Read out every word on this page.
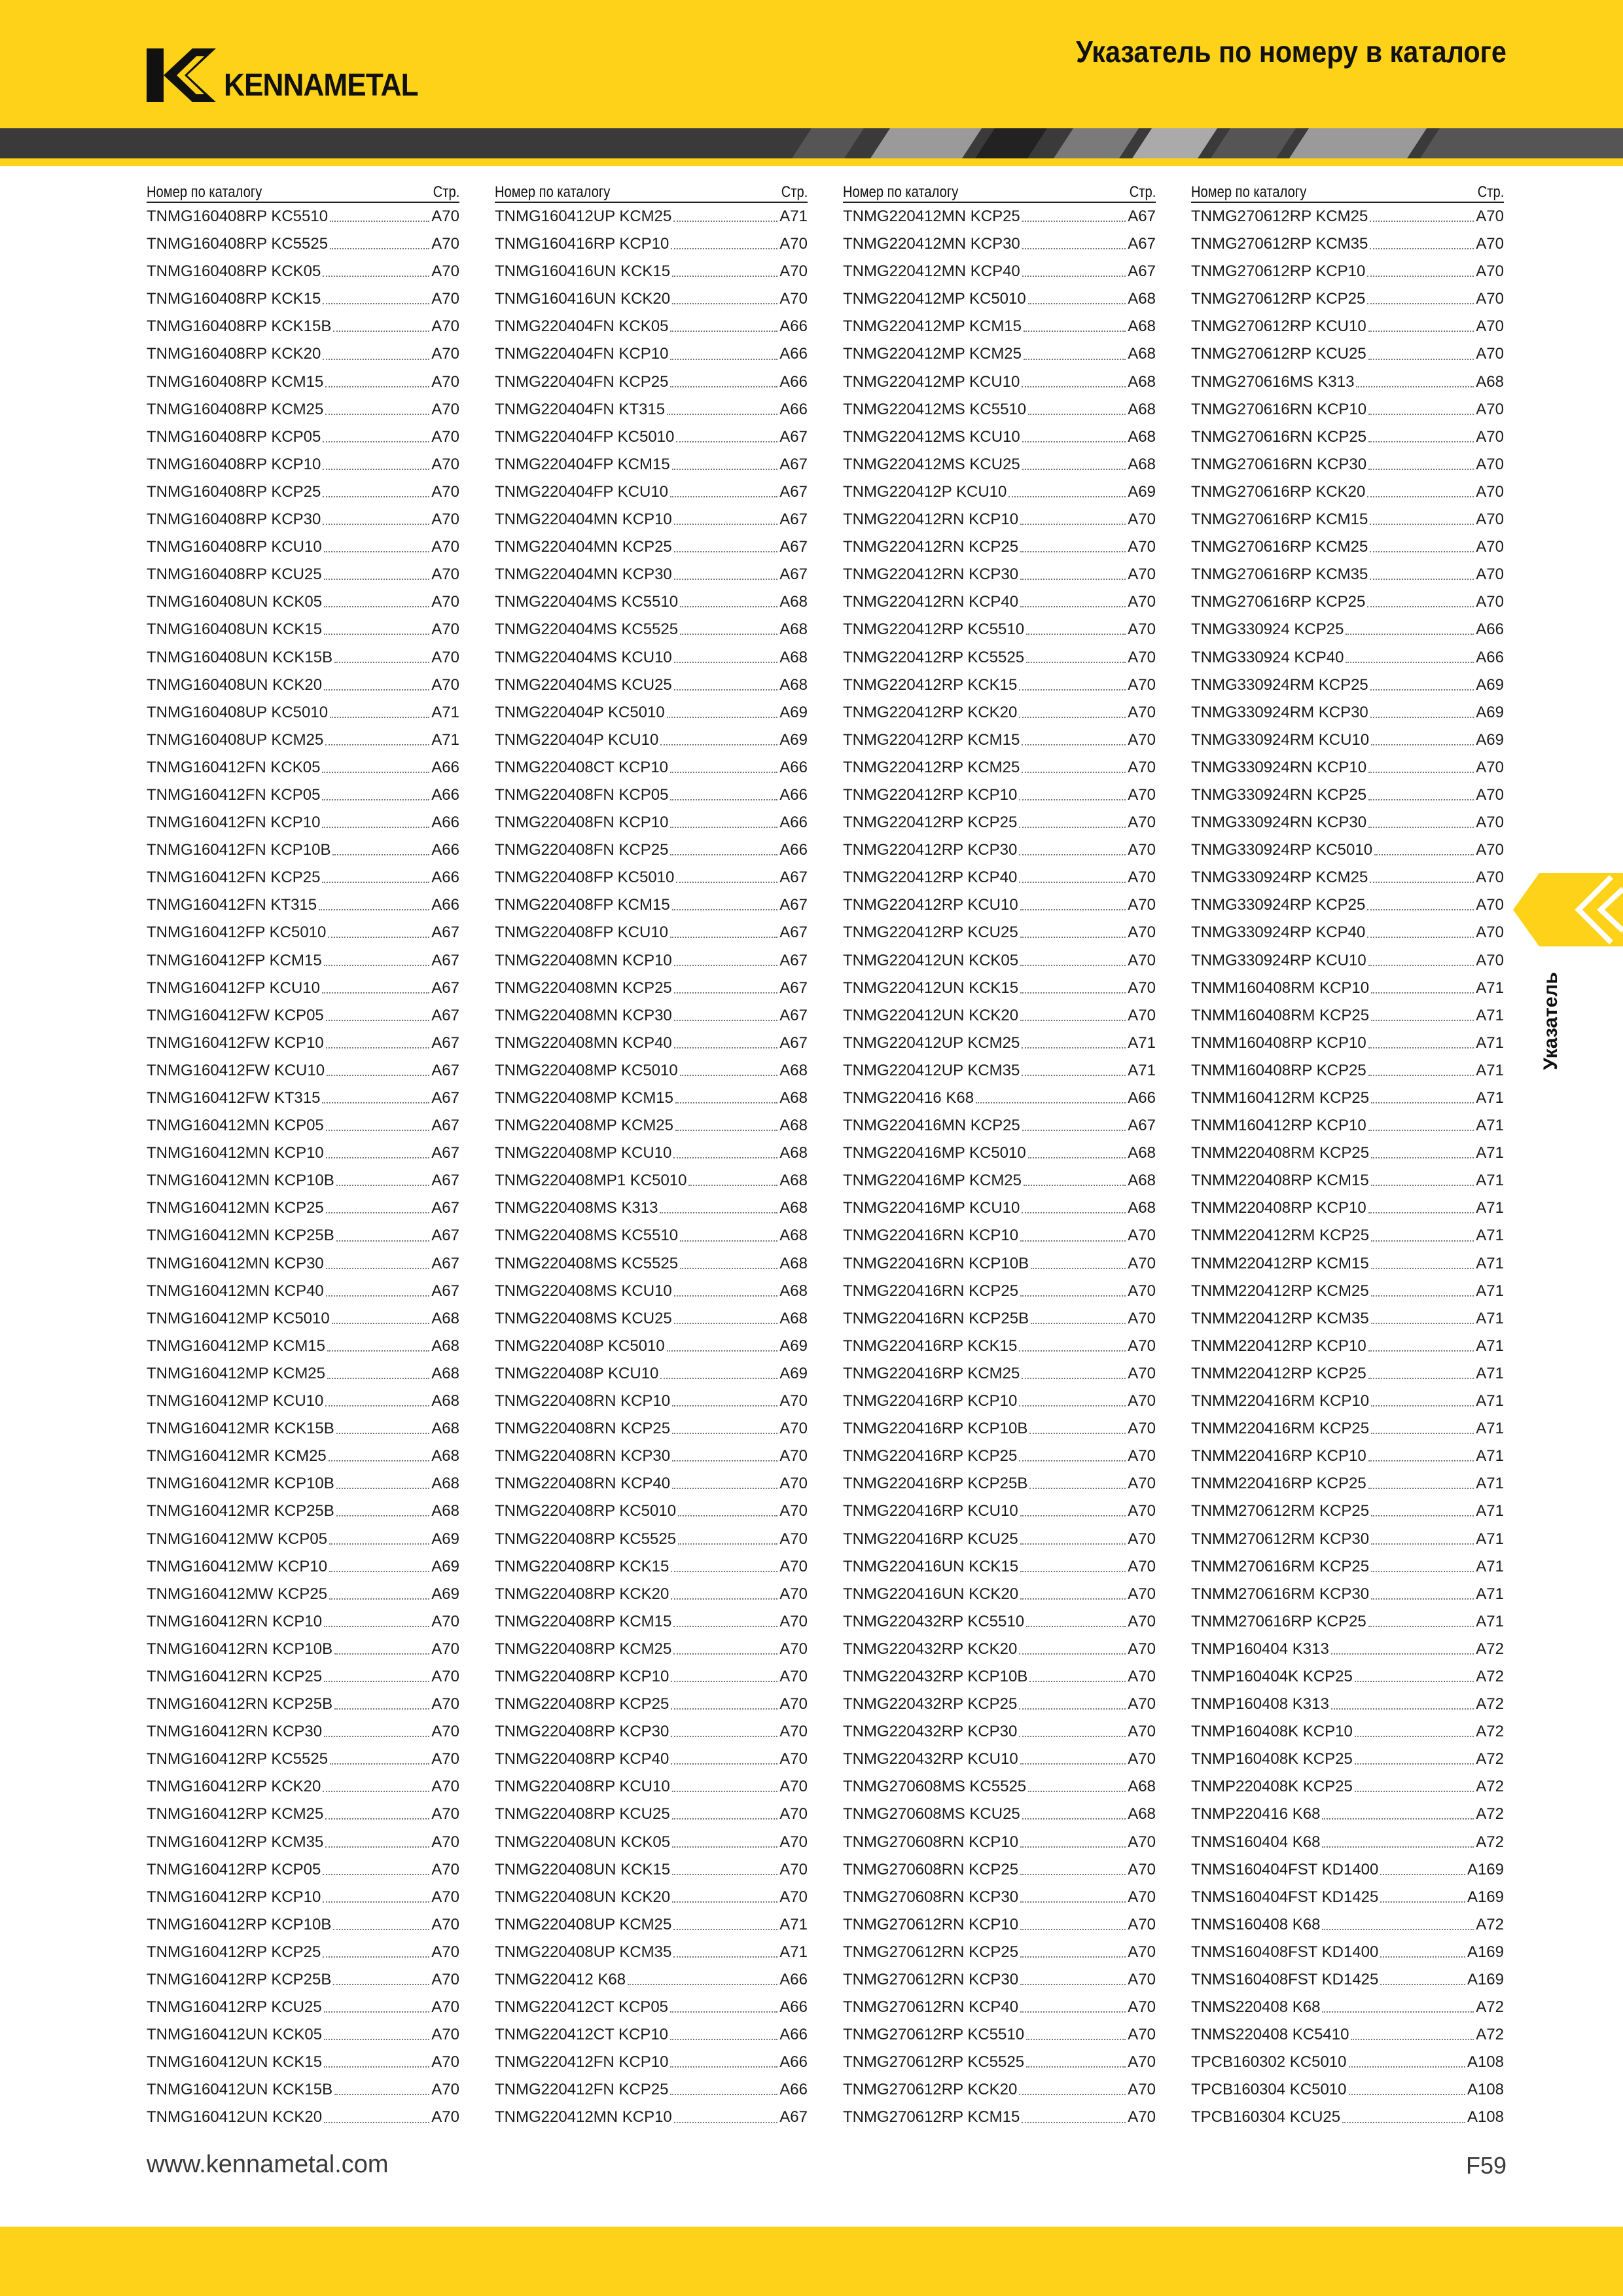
KENNAMETAL
Указатель по номеру в каталоге
Номер по каталогу	Стр.
TNMG160408RP KC5510	A70
TNMG160408RP KC5525	A70
TNMG160408RP KCK05	A70
TNMG160408RP KCK15	A70
TNMG160408RP KCK15B	A70
TNMG160408RP KCK20	A70
TNMG160408RP KCM15	A70
TNMG160408RP KCM25	A70
TNMG160408RP KCP05	A70
TNMG160408RP KCP10	A70
TNMG160408RP KCP25	A70
TNMG160408RP KCP30	A70
TNMG160408RP KCU10	A70
TNMG160408RP KCU25	A70
TNMG160408UN KCK05	A70
TNMG160408UN KCK15	A70
TNMG160408UN KCK15B	A70
TNMG160408UN KCK20	A70
TNMG160408UP KC5010	A71
TNMG160408UP KCM25	A71
TNMG160412FN KCK05	A66
TNMG160412FN KCP05	A66
TNMG160412FN KCP10	A66
TNMG160412FN KCP10B	A66
TNMG160412FN KCP25	A66
TNMG160412FN KT315	A66
TNMG160412FP KC5010	A67
TNMG160412FP KCM15	A67
TNMG160412FP KCU10	A67
TNMG160412FW KCP05	A67
TNMG160412FW KCP10	A67
TNMG160412FW KCU10	A67
TNMG160412FW KT315	A67
TNMG160412MN KCP05	A67
TNMG160412MN KCP10	A67
TNMG160412MN KCP10B	A67
TNMG160412MN KCP25	A67
TNMG160412MN KCP25B	A67
TNMG160412MN KCP30	A67
TNMG160412MN KCP40	A67
TNMG160412MP KC5010	A68
TNMG160412MP KCM15	A68
TNMG160412MP KCM25	A68
TNMG160412MP KCU10	A68
TNMG160412MR KCK15B	A68
TNMG160412MR KCM25	A68
TNMG160412MR KCP10B	A68
TNMG160412MR KCP25B	A68
TNMG160412MW KCP05	A69
TNMG160412MW KCP10	A69
TNMG160412MW KCP25	A69
TNMG160412RN KCP10	A70
TNMG160412RN KCP10B	A70
TNMG160412RN KCP25	A70
TNMG160412RN KCP25B	A70
TNMG160412RN KCP30	A70
TNMG160412RP KC5525	A70
TNMG160412RP KCK20	A70
TNMG160412RP KCM25	A70
TNMG160412RP KCM35	A70
TNMG160412RP KCP05	A70
TNMG160412RP KCP10	A70
TNMG160412RP KCP10B	A70
TNMG160412RP KCP25	A70
TNMG160412RP KCP25B	A70
TNMG160412RP KCU25	A70
TNMG160412UN KCK05	A70
TNMG160412UN KCK15	A70
TNMG160412UN KCK15B	A70
TNMG160412UN KCK20	A70
Номер по каталогу	Стр.
TNMG160412UP KCM25	A71
TNMG160416RP KCP10	A70
TNMG160416UN KCK15	A70
TNMG160416UN KCK20	A70
TNMG220404FN KCK05	A66
TNMG220404FN KCP10	A66
TNMG220404FN KCP25	A66
TNMG220404FN KT315	A66
TNMG220404FP KC5010	A67
TNMG220404FP KCM15	A67
TNMG220404FP KCU10	A67
TNMG220404MN KCP10	A67
TNMG220404MN KCP25	A67
TNMG220404MN KCP30	A67
TNMG220404MS KC5510	A68
TNMG220404MS KC5525	A68
TNMG220404MS KCU10	A68
TNMG220404MS KCU25	A68
TNMG220404P KC5010	A69
TNMG220404P KCU10	A69
TNMG220408CT KCP10	A66
TNMG220408FN KCP05	A66
TNMG220408FN KCP10	A66
TNMG220408FN KCP25	A66
TNMG220408FP KC5010	A67
TNMG220408FP KCM15	A67
TNMG220408FP KCU10	A67
TNMG220408MN KCP10	A67
TNMG220408MN KCP25	A67
TNMG220408MN KCP30	A67
TNMG220408MN KCP40	A67
TNMG220408MP KC5010	A68
TNMG220408MP KCM15	A68
TNMG220408MP KCM25	A68
TNMG220408MP KCU10	A68
TNMG220408MP1 KC5010	A68
TNMG220408MS K313	A68
TNMG220408MS KC5510	A68
TNMG220408MS KC5525	A68
TNMG220408MS KCU10	A68
TNMG220408MS KCU25	A68
TNMG220408P KC5010	A69
TNMG220408P KCU10	A69
TNMG220408RN KCP10	A70
TNMG220408RN KCP25	A70
TNMG220408RN KCP30	A70
TNMG220408RN KCP40	A70
TNMG220408RP KC5010	A70
TNMG220408RP KC5525	A70
TNMG220408RP KCK15	A70
TNMG220408RP KCK20	A70
TNMG220408RP KCM15	A70
TNMG220408RP KCM25	A70
TNMG220408RP KCP10	A70
TNMG220408RP KCP25	A70
TNMG220408RP KCP30	A70
TNMG220408RP KCP40	A70
TNMG220408RP KCU10	A70
TNMG220408RP KCU25	A70
TNMG220408UN KCK05	A70
TNMG220408UN KCK15	A70
TNMG220408UN KCK20	A70
TNMG220408UP KCM25	A71
TNMG220408UP KCM35	A71
TNMG220412 K68	A66
TNMG220412CT KCP05	A66
TNMG220412CT KCP10	A66
TNMG220412FN KCP10	A66
TNMG220412FN KCP25	A66
TNMG220412MN KCP10	A67
Номер по каталогу	Стр.
TNMG220412MN KCP25	A67
TNMG220412MN KCP30	A67
TNMG220412MN KCP40	A67
TNMG220412MP KC5010	A68
TNMG220412MP KCM15	A68
TNMG220412MP KCM25	A68
TNMG220412MP KCU10	A68
TNMG220412MS KC5510	A68
TNMG220412MS KCU10	A68
TNMG220412MS KCU25	A68
TNMG220412P KCU10	A69
TNMG220412RN KCP10	A70
TNMG220412RN KCP25	A70
TNMG220412RN KCP30	A70
TNMG220412RN KCP40	A70
TNMG220412RP KC5510	A70
TNMG220412RP KC5525	A70
TNMG220412RP KCK15	A70
TNMG220412RP KCK20	A70
TNMG220412RP KCM15	A70
TNMG220412RP KCM25	A70
TNMG220412RP KCP10	A70
TNMG220412RP KCP25	A70
TNMG220412RP KCP30	A70
TNMG220412RP KCP40	A70
TNMG220412RP KCU10	A70
TNMG220412RP KCU25	A70
TNMG220412UN KCK05	A70
TNMG220412UN KCK15	A70
TNMG220412UN KCK20	A70
TNMG220412UP KCM25	A71
TNMG220412UP KCM35	A71
TNMG220416 K68	A66
TNMG220416MN KCP25	A67
TNMG220416MP KC5010	A68
TNMG220416MP KCM25	A68
TNMG220416MP KCU10	A68
TNMG220416RN KCP10	A70
TNMG220416RN KCP10B	A70
TNMG220416RN KCP25	A70
TNMG220416RN KCP25B	A70
TNMG220416RP KCK15	A70
TNMG220416RP KCM25	A70
TNMG220416RP KCP10	A70
TNMG220416RP KCP10B	A70
TNMG220416RP KCP25	A70
TNMG220416RP KCP25B	A70
TNMG220416RP KCU10	A70
TNMG220416RP KCU25	A70
TNMG220416UN KCK15	A70
TNMG220416UN KCK20	A70
TNMG220432RP KC5510	A70
TNMG220432RP KCK20	A70
TNMG220432RP KCP10B	A70
TNMG220432RP KCP25	A70
TNMG220432RP KCP30	A70
TNMG220432RP KCU10	A70
TNMG270608MS KC5525	A68
TNMG270608MS KCU25	A68
TNMG270608RN KCP10	A70
TNMG270608RN KCP25	A70
TNMG270608RN KCP30	A70
TNMG270612RN KCP10	A70
TNMG270612RN KCP25	A70
TNMG270612RN KCP30	A70
TNMG270612RN KCP40	A70
TNMG270612RP KC5510	A70
TNMG270612RP KC5525	A70
TNMG270612RP KCK20	A70
TNMG270612RP KCM15	A70
Номер по каталогу	Стр.
TNMG270612RP KCM25	A70
TNMG270612RP KCM35	A70
TNMG270612RP KCP10	A70
TNMG270612RP KCP25	A70
TNMG270612RP KCU10	A70
TNMG270612RP KCU25	A70
TNMG270616MS K313	A68
TNMG270616RN KCP10	A70
TNMG270616RN KCP25	A70
TNMG270616RN KCP30	A70
TNMG270616RP KCK20	A70
TNMG270616RP KCM15	A70
TNMG270616RP KCM25	A70
TNMG270616RP KCM35	A70
TNMG270616RP KCP25	A70
TNMG330924 KCP25	A66
TNMG330924 KCP40	A66
TNMG330924RM KCP25	A69
TNMG330924RM KCP30	A69
TNMG330924RM KCU10	A69
TNMG330924RN KCP10	A70
TNMG330924RN KCP25	A70
TNMG330924RN KCP30	A70
TNMG330924RP KC5010	A70
TNMG330924RP KCM25	A70
TNMG330924RP KCP25	A70
TNMG330924RP KCP40	A70
TNMG330924RP KCU10	A70
TNMM160408RM KCP10	A71
TNMM160408RM KCP25	A71
TNMM160408RP KCP10	A71
TNMM160408RP KCP25	A71
TNMM160412RM KCP25	A71
TNMM160412RP KCP10	A71
TNMM220408RM KCP25	A71
TNMM220408RP KCM15	A71
TNMM220408RP KCP10	A71
TNMM220412RM KCP25	A71
TNMM220412RP KCM15	A71
TNMM220412RP KCM25	A71
TNMM220412RP KCM35	A71
TNMM220412RP KCP10	A71
TNMM220412RP KCP25	A71
TNMM220416RM KCP10	A71
TNMM220416RM KCP25	A71
TNMM220416RP KCP10	A71
TNMM220416RP KCP25	A71
TNMM270612RM KCP25	A71
TNMM270612RM KCP30	A71
TNMM270616RM KCP25	A71
TNMM270616RM KCP30	A71
TNMM270616RP KCP25	A71
TNMP160404 K313	A72
TNMP160404K KCP25	A72
TNMP160408 K313	A72
TNMP160408K KCP10	A72
TNMP160408K KCP25	A72
TNMP220408K KCP25	A72
TNMP220416 K68	A72
TNMS160404 K68	A72
TNMS160404FST KD1400	A169
TNMS160404FST KD1425	A169
TNMS160408 K68	A72
TNMS160408FST KD1400	A169
TNMS160408FST KD1425	A169
TNMS220408 K68	A72
TNMS220408 KC5410	A72
TPCB160302 KC5010	A108
TPCB160304 KC5010	A108
TPCB160304 KCU25	A108
Указатель
www.kennametal.com	F59
